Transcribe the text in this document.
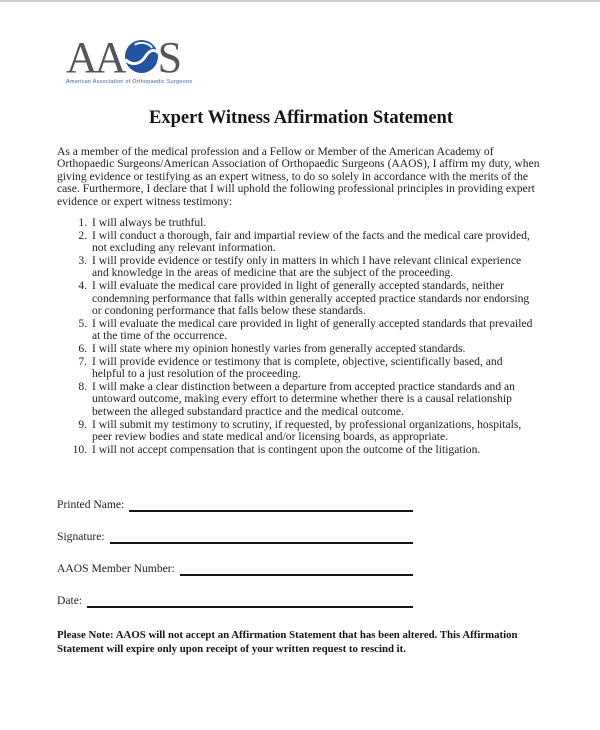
AA S
American Association of Orthopaedic Surgeons
Expert Witness Affirmation Statement

As a member of the medical profession and a Fellow or Member of the American Academy of Orthopaedic Surgeons/American Association of Orthopaedic Surgeons (AAOS), I affirm my duty, when giving evidence or testifying as an expert witness, to do so solely in accordance with the merits of the case. Furthermore, I declare that I will uphold the following professional principles in providing expert evidence or expert witness testimony:

1. I will always be truthful.
2. I will conduct a thorough, fair and impartial review of the facts and the medical care provided, not excluding any relevant information.
3. I will provide evidence or testify only in matters in which I have relevant clinical experience and knowledge in the areas of medicine that are the subject of the proceeding.
4. I will evaluate the medical care provided in light of generally accepted standards, neither condemning performance that falls within generally accepted practice standards nor endorsing or condoning performance that falls below these standards.
5. I will evaluate the medical care provided in light of generally accepted standards that prevailed at the time of the occurrence.
6. I will state where my opinion honestly varies from generally accepted standards.
7. I will provide evidence or testimony that is complete, objective, scientifically based, and helpful to a just resolution of the proceeding.
8. I will make a clear distinction between a departure from accepted practice standards and an untoward outcome, making every effort to determine whether there is a causal relationship between the alleged substandard practice and the medical outcome.
9. I will submit my testimony to scrutiny, if requested, by professional organizations, hospitals, peer review bodies and state medical and/or licensing boards, as appropriate.
10. I will not accept compensation that is contingent upon the outcome of the litigation.
Printed Name:
Signature:
AAOS Member Number:
Date:

Please Note: AAOS will not accept an Affirmation Statement that has been altered. This Affirmation Statement will expire only upon receipt of your written request to rescind it.
